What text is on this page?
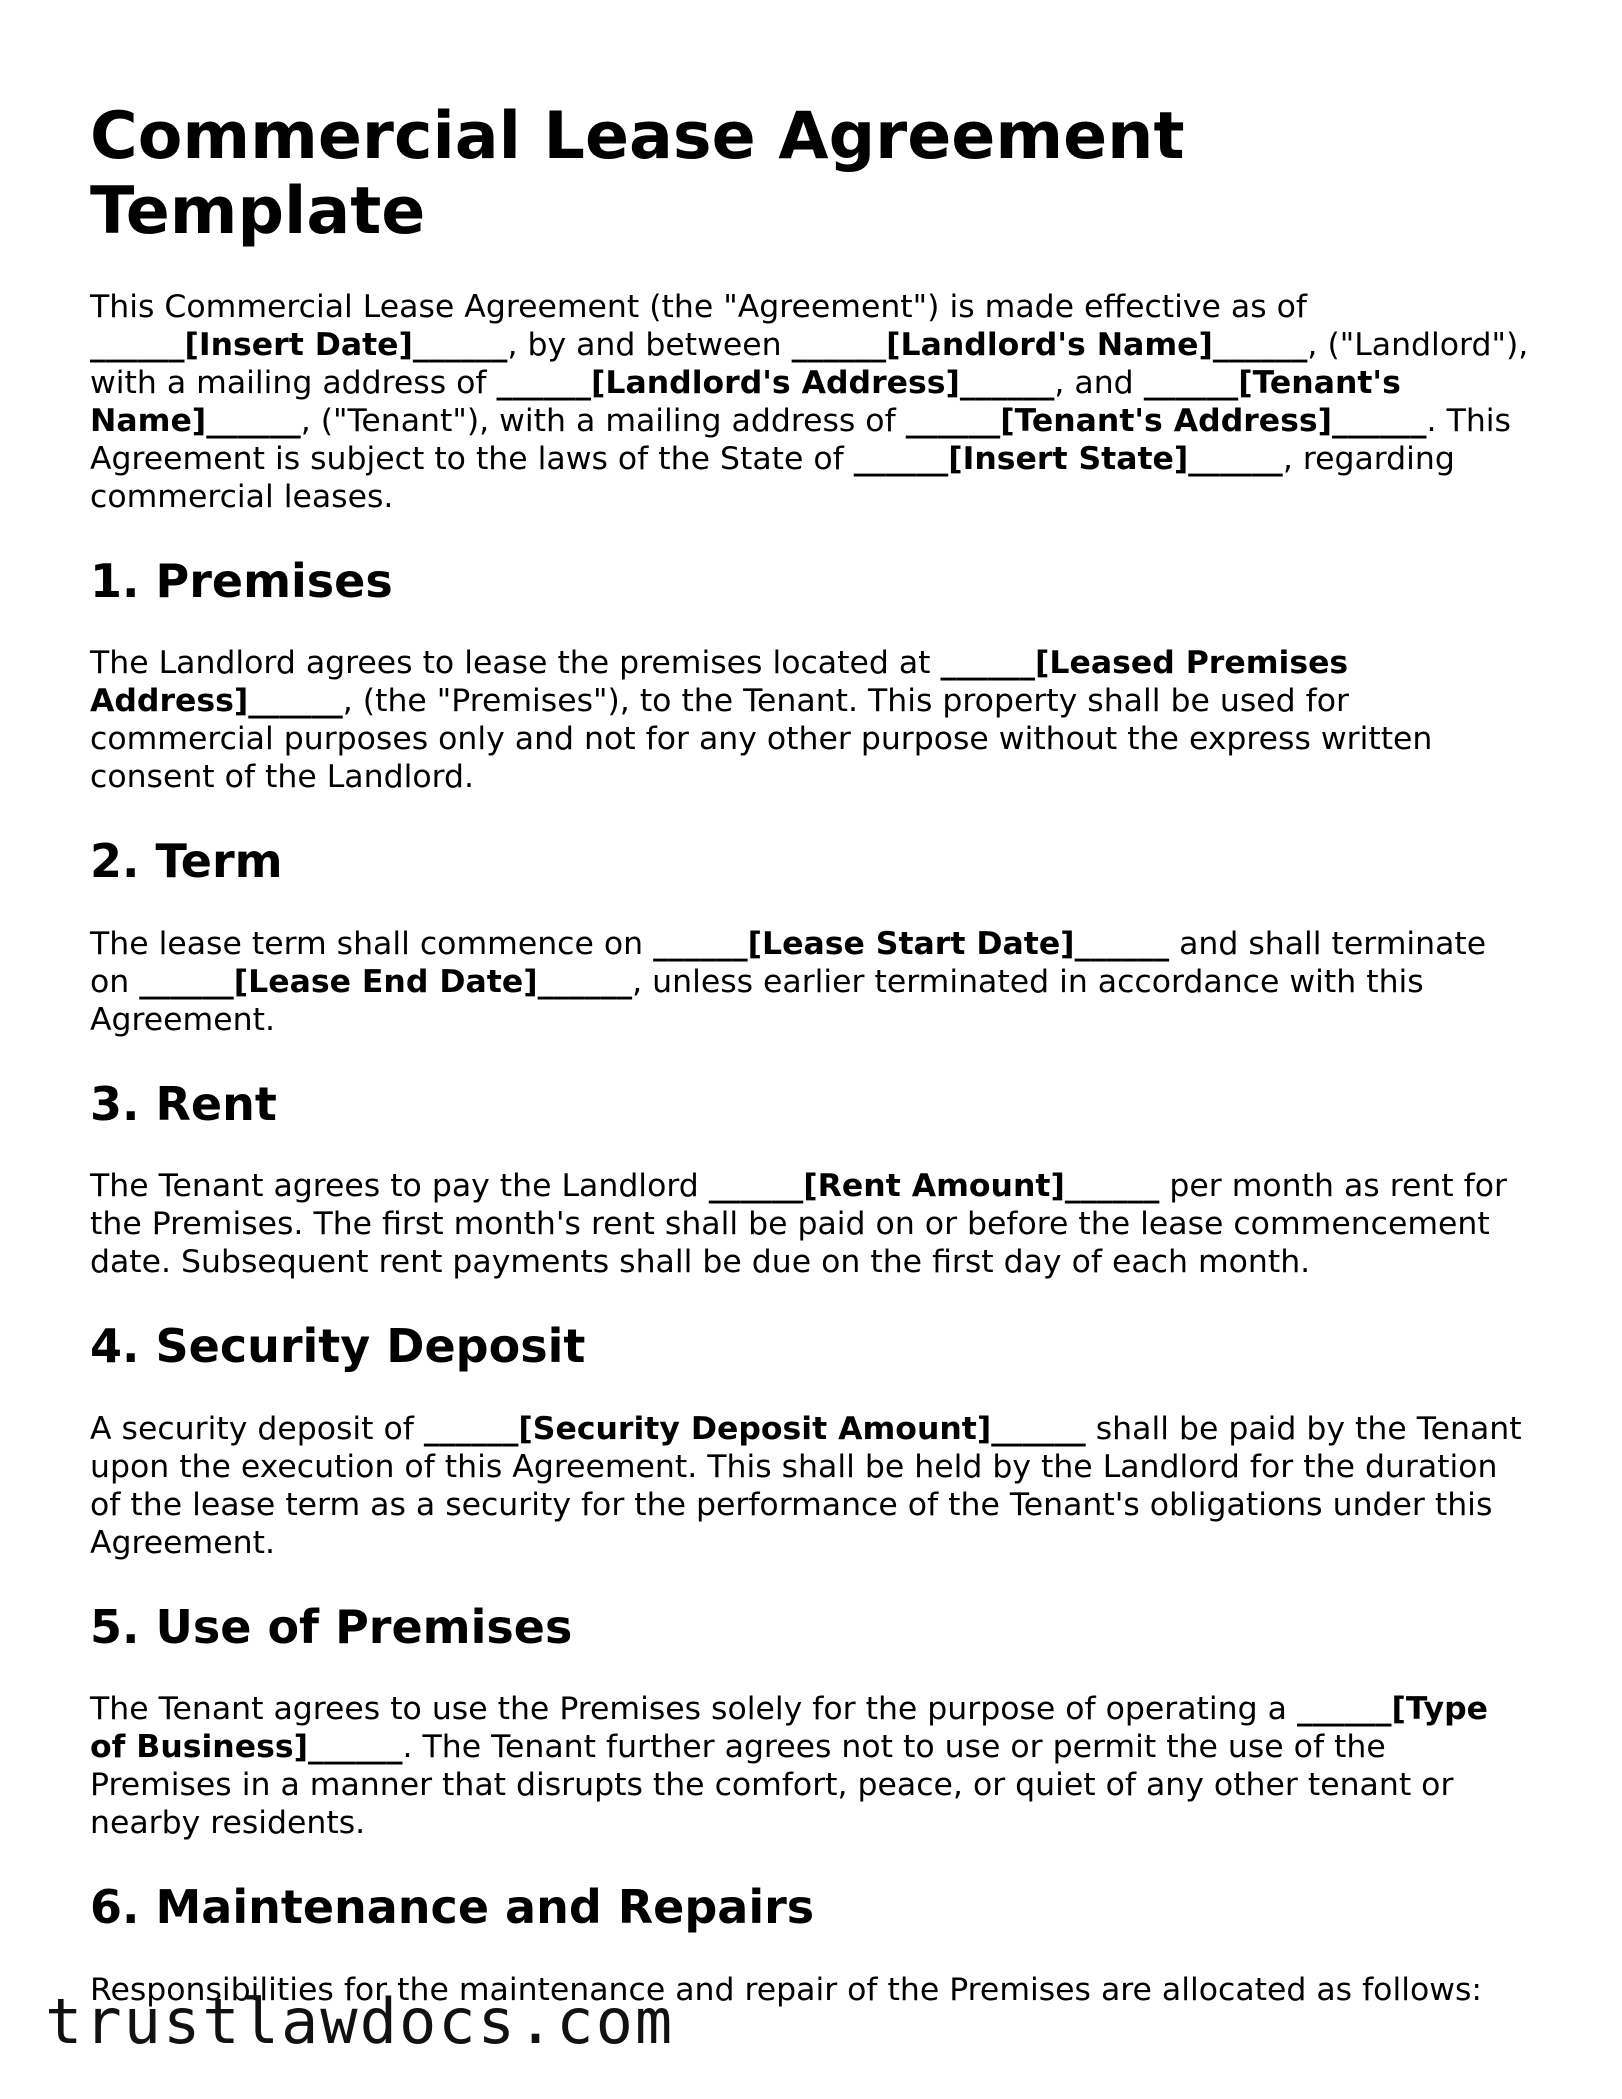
Commercial Lease Agreement Template

This Commercial Lease Agreement (the "Agreement") is made effective as of ______[Insert Date]______, by and between ______[Landlord's Name]______, ("Landlord"), with a mailing address of ______[Landlord's Address]______, and ______[Tenant's Name]______, ("Tenant"), with a mailing address of ______[Tenant's Address]______. This Agreement is subject to the laws of the State of ______[Insert State]______, regarding commercial leases.

1. Premises

The Landlord agrees to lease the premises located at ______[Leased Premises Address]______, (the "Premises"), to the Tenant. This property shall be used for commercial purposes only and not for any other purpose without the express written consent of the Landlord.

2. Term

The lease term shall commence on ______[Lease Start Date]______ and shall terminate on ______[Lease End Date]______, unless earlier terminated in accordance with this Agreement.

3. Rent

The Tenant agrees to pay the Landlord ______[Rent Amount]______ per month as rent for the Premises. The first month's rent shall be paid on or before the lease commencement date. Subsequent rent payments shall be due on the first day of each month.

4. Security Deposit

A security deposit of ______[Security Deposit Amount]______ shall be paid by the Tenant upon the execution of this Agreement. This shall be held by the Landlord for the duration of the lease term as a security for the performance of the Tenant's obligations under this Agreement.

5. Use of Premises

The Tenant agrees to use the Premises solely for the purpose of operating a ______[Type of Business]______. The Tenant further agrees not to use or permit the use of the Premises in a manner that disrupts the comfort, peace, or quiet of any other tenant or nearby residents.

6. Maintenance and Repairs

Responsibilities for the maintenance and repair of the Premises are allocated as follows:

trustlawdocs.com
